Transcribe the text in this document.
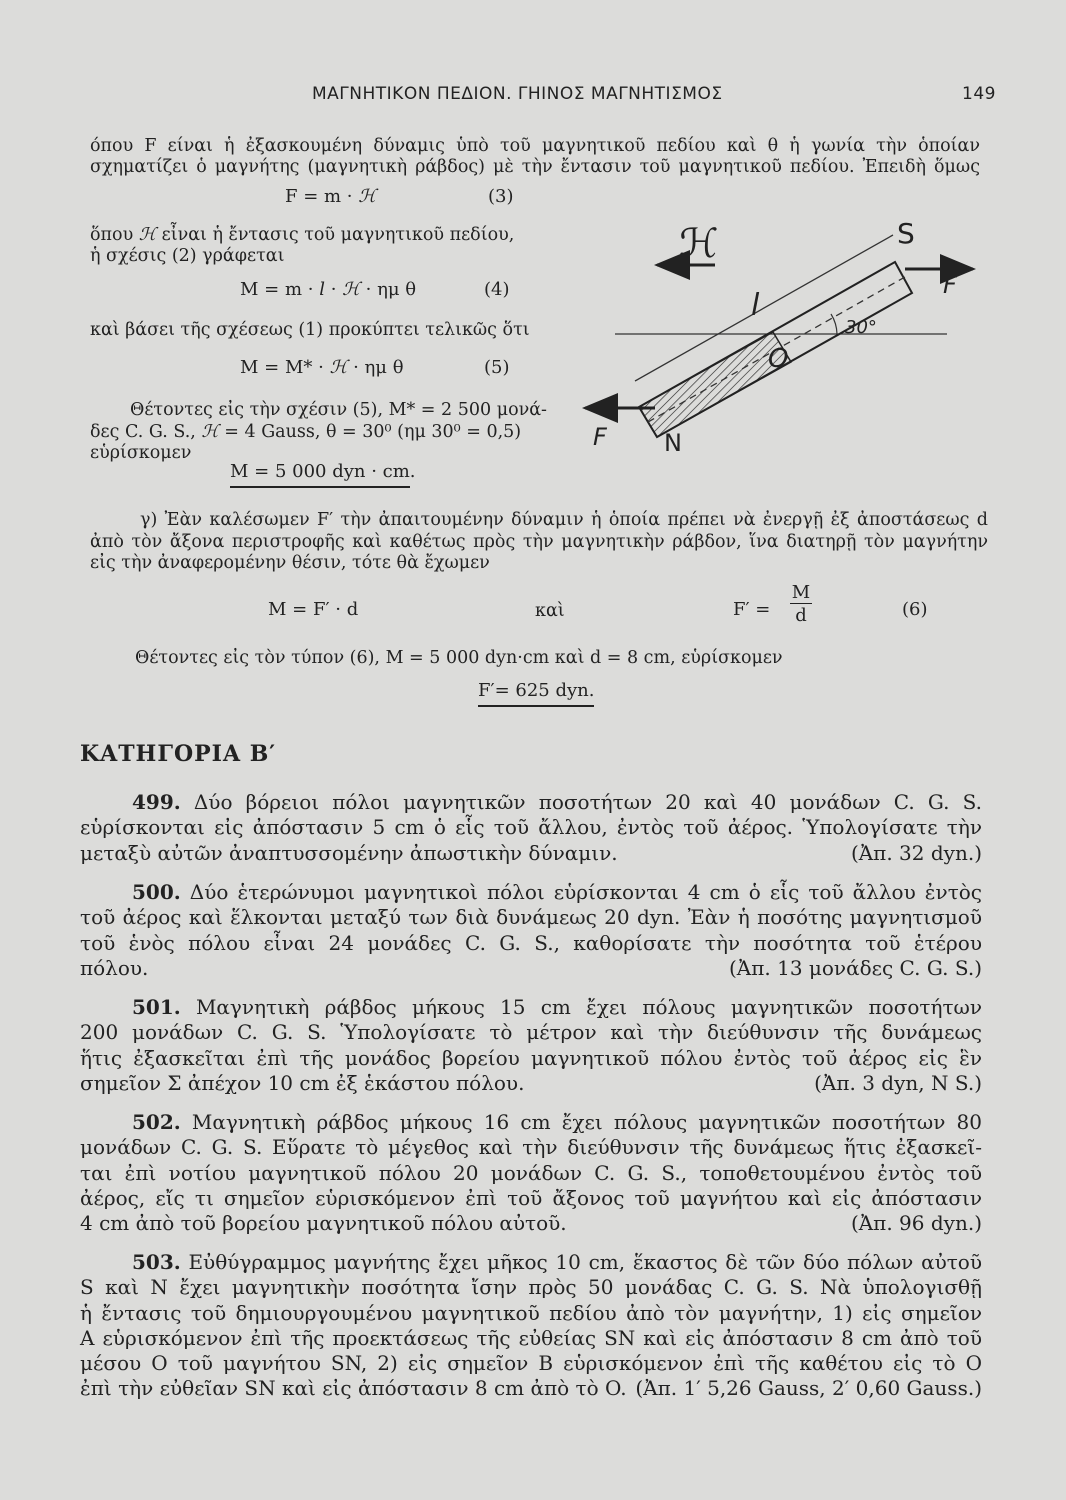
ΜΑΓΝΗΤΙΚΟΝ ΠΕΔΙΟΝ. ΓΗΙΝΟΣ ΜΑΓΝΗΤΙΣΜΟΣ	149
όπου F είναι ἡ ἐξασκουμένη δύναμις ὑπὸ τοῦ μαγνητικοῦ πεδίου καὶ θ ἡ γωνία τὴν ὁποίαν
σχηματίζει ὁ μαγνήτης (μαγνητικὴ ράβδος) μὲ τὴν ἔντασιν τοῦ μαγνητικοῦ πεδίου. Ἐπειδὴ ὅμως
F = m · ℋ	(3)
ὅπου ℋ εἶναι ἡ ἔντασις τοῦ μαγνητικοῦ πεδίου,
ἡ σχέσις (2) γράφεται
M = m · l · ℋ · ημ θ	(4)
καὶ βάσει τῆς σχέσεως (1) προκύπτει τελικῶς ὅτι
M = M* · ℋ · ημ θ	(5)
Θέτοντες εἰς τὴν σχέσιν (5), M* = 2 500 μονά-
δες C. G. S., ℋ = 4 Gauss, θ = 30⁰ (ημ 30⁰ = 0,5)
εὑρίσκομεν
M = 5 000 dyn · cm.
ℋ	S
F
l
30°
O
F N
γ) Ἐὰν καλέσωμεν F′ τὴν ἀπαιτουμένην δύναμιν ἡ ὁποία πρέπει νὰ ἐνεργῇ ἐξ ἀποστάσεως d
ἀπὸ τὸν ἄξονα περιστροφῆς καὶ καθέτως πρὸς τὴν μαγνητικὴν ράβδον, ἵνα διατηρῇ τὸν μαγνήτην
εἰς τὴν ἀναφερομένην θέσιν, τότε θὰ ἔχωμεν
M = F′ · d	καὶ	F′ =
M
d	(6)
Θέτοντες εἰς τὸν τύπον (6), M = 5 000 dyn·cm καὶ d = 8 cm, εὑρίσκομεν
F′= 625 dyn.
ΚΑΤΗΓΟΡΙΑ Β′
499. Δύο βόρειοι πόλοι μαγνητικῶν ποσοτήτων 20 καὶ 40 μονάδων C. G. S.
εὑρίσκονται εἰς ἀπόστασιν 5 cm ὁ εἷς τοῦ ἄλλου, ἐντὸς τοῦ ἀέρος. Ὑπολογίσατε τὴν
μεταξὺ αὐτῶν ἀναπτυσσομένην ἀπωστικὴν δύναμιν.	(Ἀπ. 32 dyn.)
500. Δύο ἑτερώνυμοι μαγνητικοὶ πόλοι εὑρίσκονται 4 cm ὁ εἷς τοῦ ἄλλου ἐντὸς
τοῦ ἀέρος καὶ ἕλκονται μεταξύ των διὰ δυνάμεως 20 dyn. Ἐὰν ἡ ποσότης μαγνητισμοῦ
τοῦ ἑνὸς πόλου εἶναι 24 μονάδες C. G. S., καθορίσατε τὴν ποσότητα τοῦ ἑτέρου
πόλου.	(Ἀπ. 13 μονάδες C. G. S.)
501. Μαγνητικὴ ράβδος μήκους 15 cm ἔχει πόλους μαγνητικῶν ποσοτήτων
200 μονάδων C. G. S. Ὑπολογίσατε τὸ μέτρον καὶ τὴν διεύθυνσιν τῆς δυνάμεως
ἥτις ἐξασκεῖται ἐπὶ τῆς μονάδος βορείου μαγνητικοῦ πόλου ἐντὸς τοῦ ἀέρος εἰς ἓν
σημεῖον Σ ἀπέχον 10 cm ἐξ ἑκάστου πόλου.	(Ἀπ. 3 dyn, N S.)
502. Μαγνητικὴ ράβδος μήκους 16 cm ἔχει πόλους μαγνητικῶν ποσοτήτων 80
μονάδων C. G. S. Εὕρατε τὸ μέγεθος καὶ τὴν διεύθυνσιν τῆς δυνάμεως ἥτις ἐξασκεῖ-
ται ἐπὶ νοτίου μαγνητικοῦ πόλου 20 μονάδων C. G. S., τοποθετουμένου ἐντὸς τοῦ
ἀέρος, εἴς τι σημεῖον εὑρισκόμενον ἐπὶ τοῦ ἄξονος τοῦ μαγνήτου καὶ εἰς ἀπόστασιν
4 cm ἀπὸ τοῦ βορείου μαγνητικοῦ πόλου αὐτοῦ.	(Ἀπ. 96 dyn.)
503. Εὐθύγραμμος μαγνήτης ἔχει μῆκος 10 cm, ἕκαστος δὲ τῶν δύο πόλων αὐτοῦ
S καὶ N ἔχει μαγνητικὴν ποσότητα ἴσην πρὸς 50 μονάδας C. G. S. Νὰ ὑπολογισθῇ
ἡ ἔντασις τοῦ δημιουργουμένου μαγνητικοῦ πεδίου ἀπὸ τὸν μαγνήτην, 1) εἰς σημεῖον
A εὑρισκόμενον ἐπὶ τῆς προεκτάσεως τῆς εὐθείας SN καὶ εἰς ἀπόστασιν 8 cm ἀπὸ τοῦ
μέσου O τοῦ μαγνήτου SN, 2) εἰς σημεῖον B εὑρισκόμενον ἐπὶ τῆς καθέτου εἰς τὸ O
ἐπὶ τὴν εὐθεῖαν SN καὶ εἰς ἀπόστασιν 8 cm ἀπὸ τὸ O. (Ἀπ. 1′ 5,26 Gauss, 2′ 0,60 Gauss.)
